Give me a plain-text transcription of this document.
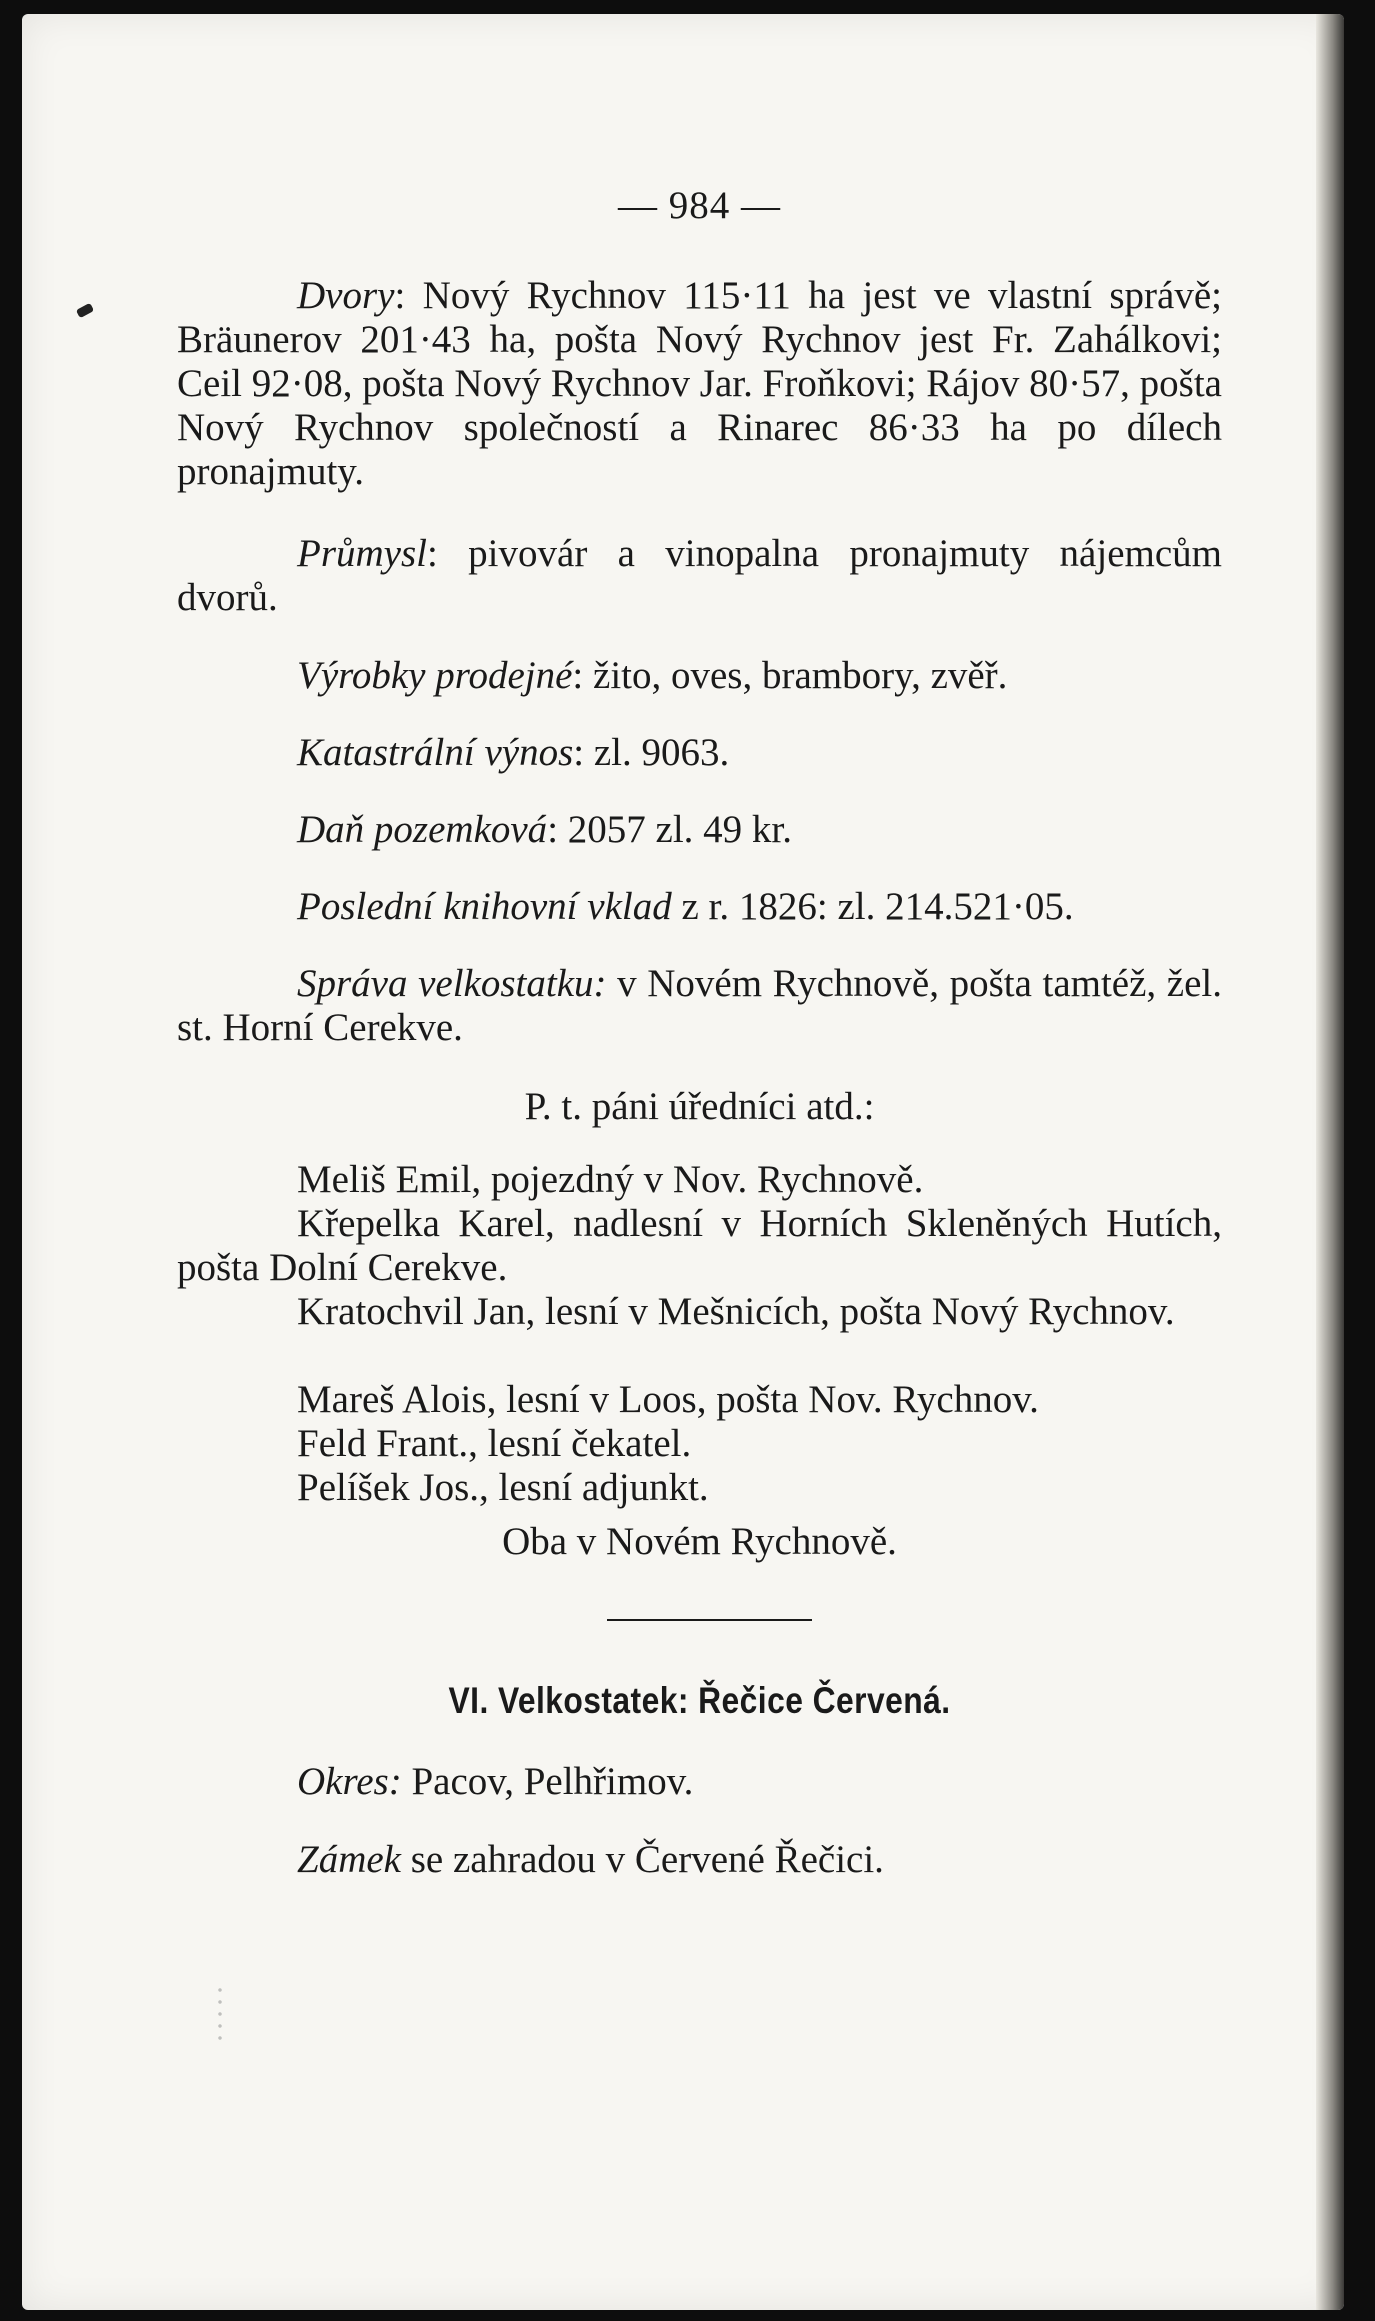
— 984 —
Dvory: Nový Rychnov 115·11 ha jest ve vlastní správě; Bräunerov 201·43 ha, pošta Nový Rychnov jest Fr. Zahálkovi; Ceil 92·08, pošta Nový Rychnov Jar. Froňkovi; Rájov 80·57, pošta Nový Rychnov společností a Rinarec 86·33 ha po dílech pronajmuty.
Průmysl: pivovár a vinopalna pronajmuty nájemcům dvorů.
Výrobky prodejné: žito, oves, brambory, zvěř.
Katastrální výnos: zl. 9063.
Daň pozemková: 2057 zl. 49 kr.
Poslední knihovní vklad z r. 1826: zl. 214.521·05.
Správa velkostatku: v Novém Rychnově, pošta tamtéž, žel. st. Horní Cerekve.
P. t. páni úředníci atd.:
Meliš Emil, pojezdný v Nov. Rychnově.
Křepelka Karel, nadlesní v Horních Skleněných Hutích, pošta Dolní Cerekve.
Kratochvil Jan, lesní v Mešnicích, pošta Nový Rychnov.
Mareš Alois, lesní v Loos, pošta Nov. Rychnov.
Feld Frant., lesní čekatel.
Pelíšek Jos., lesní adjunkt.
Oba v Novém Rychnově.
VI. Velkostatek: Řečice Červená.
Okres: Pacov, Pelhřimov.
Zámek se zahradou v Červené Řečici.
